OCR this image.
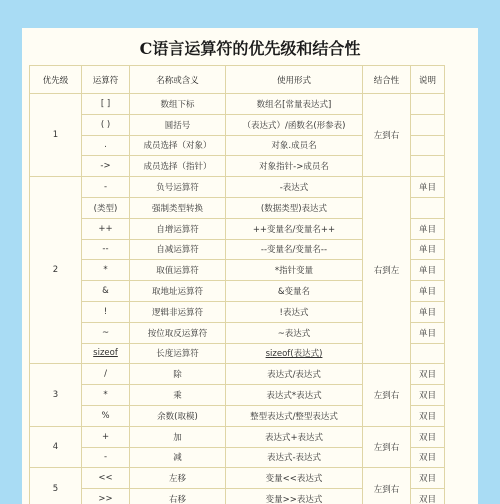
C语言运算符的优先级和结合性
优先级	运算符	名称或含义	使用形式	结合性	说明
1	[ ]	数组下标	数组名[常量表达式]	左到右	
	( )	圆括号	（表达式）/函数名(形参表)		
	.	成员选择（对象）	对象.成员名		
	->	成员选择（指针）	对象指针->成员名		
2	-	负号运算符	-表达式	右到左	单目
	(类型)	强制类型转换	(数据类型)表达式		
	++	自增运算符	++变量名/变量名++		单目
	--	自减运算符	--变量名/变量名--		单目
	*	取值运算符	*指针变量		单目
	&	取地址运算符	&变量名		单目
	!	逻辑非运算符	!表达式		单目
	~	按位取反运算符	~表达式		单目
	sizeof	长度运算符	sizeof(表达式)		
3	/	除	表达式/表达式	左到右	双目
	*	乘	表达式*表达式		双目
	%	余数(取模)	整型表达式/整型表达式		双目
4	+	加	表达式+表达式	左到右	双目
	-	减	表达式-表达式		双目
5	<<	左移	变量<<表达式	左到右	双目
	>>	右移	变量>>表达式		双目
